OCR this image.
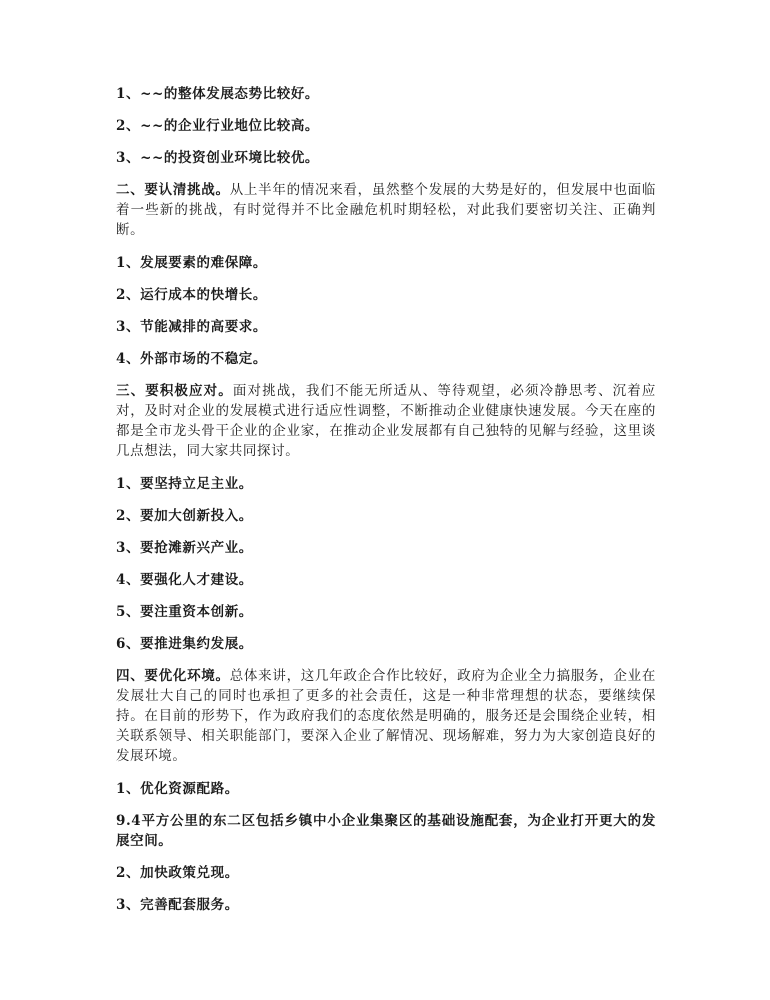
1、~~的整体发展态势比较好。

2、~~的企业行业地位比较高。

3、~~的投资创业环境比较优。

二、要认清挑战。从上半年的情况来看，虽然整个发展的大势是好的，但发展中也面临着一些新的挑战，有时觉得并不比金融危机时期轻松，对此我们要密切关注、正确判断。

1、发展要素的难保障。

2、运行成本的快增长。

3、节能减排的高要求。

4、外部市场的不稳定。

三、要积极应对。面对挑战，我们不能无所适从、等待观望，必须冷静思考、沉着应对，及时对企业的发展模式进行适应性调整，不断推动企业健康快速发展。今天在座的都是全市龙头骨干企业的企业家，在推动企业发展都有自己独特的见解与经验，这里谈几点想法，同大家共同探讨。

1、要坚持立足主业。

2、要加大创新投入。

3、要抢滩新兴产业。

4、要强化人才建设。

5、要注重资本创新。

6、要推进集约发展。

四、要优化环境。总体来讲，这几年政企合作比较好，政府为企业全力搞服务，企业在发展壮大自己的同时也承担了更多的社会责任，这是一种非常理想的状态，要继续保持。在目前的形势下，作为政府我们的态度依然是明确的，服务还是会围绕企业转，相关联系领导、相关职能部门，要深入企业了解情况、现场解难，努力为大家创造良好的发展环境。

1、优化资源配路。

9.4平方公里的东二区包括乡镇中小企业集聚区的基础设施配套，为企业打开更大的发展空间。

2、加快政策兑现。

3、完善配套服务。
